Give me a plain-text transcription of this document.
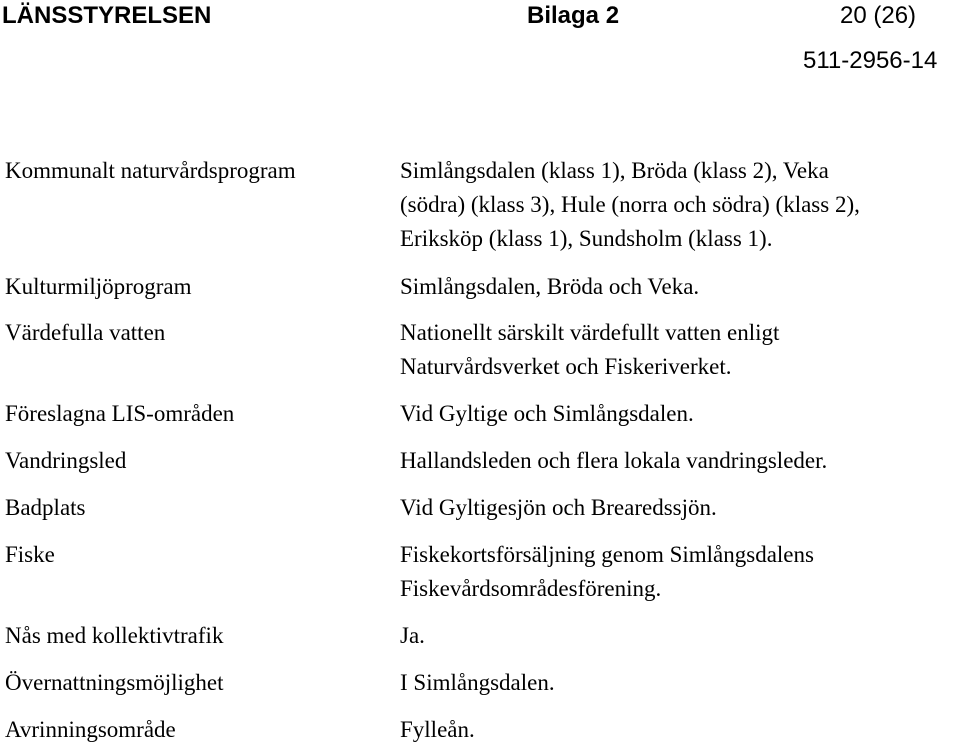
LÄNSSTYRELSEN	Bilaga 2	20 (26)
511-2956-14
Kommunalt naturvårdsprogram	Simlångsdalen (klass 1), Bröda (klass 2), Veka
(södra) (klass 3), Hule (norra och södra) (klass 2),
Eriksköp (klass 1), Sundsholm (klass 1).
Kulturmiljöprogram	Simlångsdalen, Bröda och Veka.
Värdefulla vatten	Nationellt särskilt värdefullt vatten enligt
Naturvårdsverket och Fiskeriverket.
Föreslagna LIS-områden	Vid Gyltige och Simlångsdalen.
Vandringsled	Hallandsleden och flera lokala vandringsleder.
Badplats	Vid Gyltigesjön och Brearedssjön.
Fiske	Fiskekortsförsäljning genom Simlångsdalens
Fiskevårdsområdesförening.
Nås med kollektivtrafik	Ja.
Övernattningsmöjlighet	I Simlångsdalen.
Avrinningsområde	Fylleån.
